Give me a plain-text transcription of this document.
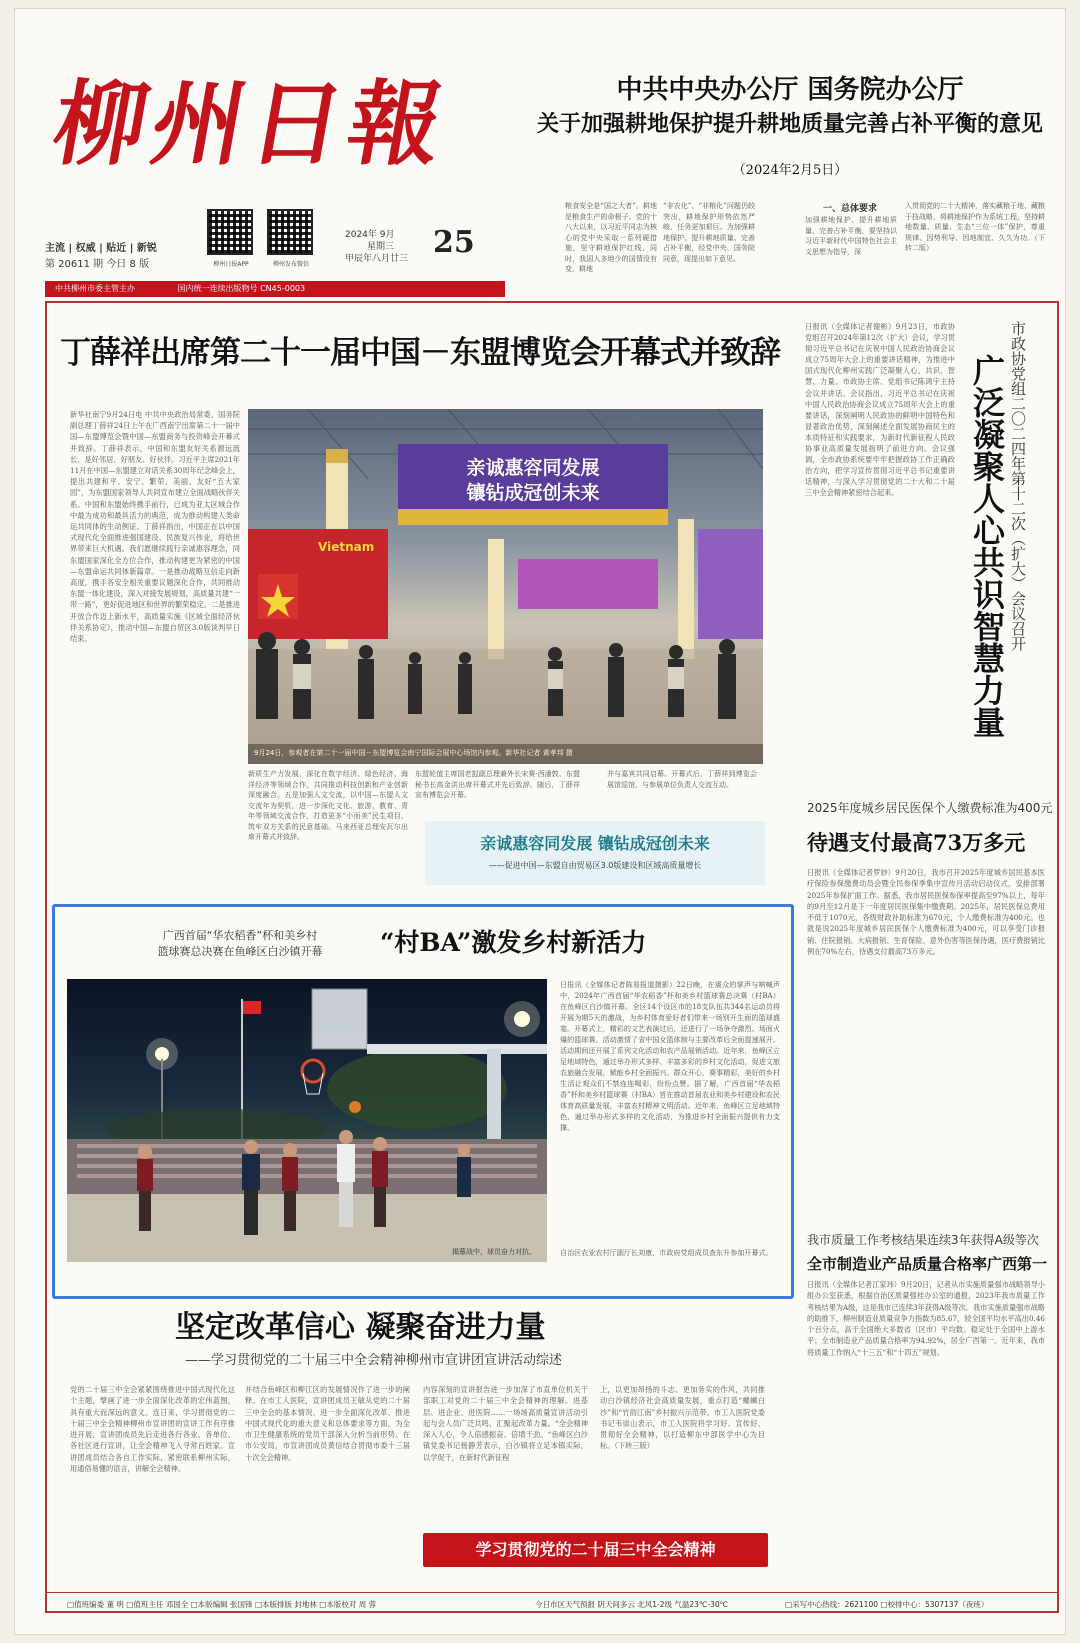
柳州日報
主流 | 权威 | 贴近 | 新锐
第 20611 期 今日 8 版	柳州日报APP	柳州发布微信
2024年 9月
星期三
甲辰年八月廿三 25
中共柳州市委主管主办	国内统一连续出版物号 CN45-0003
中共中央办公厅 国务院办公厅
关于加强耕地保护提升耕地质量完善占补平衡的意见
（2024年2月5日）
粮食安全是“国之大者”，耕地是粮食生产的命根子。党的十八大以来，以习近平同志为核心的党中央采取一系列硬措施，坚守耕地保护红线，同时，我国人多地少的国情没有变，耕地
“非农化”、“非粮化”问题仍较突出，耕地保护形势依然严峻、任务更加艰巨。为加强耕地保护、提升耕地质量、完善占补平衡，经党中央、国务院同意，现提出如下意见。
一、总体要求
加强耕地保护、提升耕地质量、完善占补平衡，要坚持以习近平新时代中国特色社会主义思想为指导，深
入贯彻党的二十大精神，落实藏粮于地、藏粮于技战略，将耕地保护作为系统工程，坚持耕地数量、质量、生态“三位一体”保护，尊重规律、因势利导、因地制宜、久久为功。（下转二版）
丁薛祥出席第二十一届中国－东盟博览会开幕式并致辞
新华社南宁9月24日电 中共中央政治局常委、国务院副总理丁薛祥24日上午在广西南宁出席第二十一届中国—东盟博览会暨中国—东盟商务与投资峰会开幕式并致辞。丁薛祥表示，中国和东盟友好关系源远流长，是好邻居、好朋友、好伙伴。习近平主席2021年11月在中国—东盟建立对话关系30周年纪念峰会上，提出共建和平、安宁、繁荣、美丽、友好“五大家园”，为东盟国家领导人共同宣布建立全面战略伙伴关系。中国和东盟始终携手前行，已成为亚太区域合作中最为成功和最具活力的典范，成为推动构建人类命运共同体的生动例证。丁薛祥指出，中国正在以中国式现代化全面推进强国建设、民族复兴伟业，将给世界带来巨大机遇。我们愿继续践行亲诚惠容理念，同东盟国家深化全方位合作，推动构建更为紧密的中国—东盟命运共同体新篇章。一是推动战略互信走向新高度，携手各安全相关重要议题深化合作，共同推动东盟一体化建设，深入对接发展规划，高质量共建“一带一路”，更好促进地区和世界的繁荣稳定。二是推进开放合作迈上新水平，高质量实施《区域全面经济伙伴关系协定》，推动中国—东盟自贸区3.0版谈判早日结束。
亲诚惠容同发展
镶钻成冠创未来
Vietnam
9月24日，参观者在第二十一届中国－东盟博览会南宁国际会展中心场馆内参观。新华社记者 黄孝邦 摄
新质生产力发展，深化在数字经济、绿色经济、海洋经济等领域合作，共同推动科技创新和产业创新深度融合。五是加强人文交流，以中国—东盟人文交流年为契机，进一步深化文化、旅游、教育、青年等领域交流合作，打造更多“小而美”民生项目，筑牢双方关系的民意基础。马来西亚总理安瓦尔出席开幕式并致辞。
东盟轮值主席国老挝副总理兼外长宋赛·西潘敦、东盟秘书长高金洪出席开幕式并先后致辞。随后，丁薛祥宣布博览会开幕。
并与嘉宾共同启幕。开幕式后，丁薛祥到博览会展馆巡馆，与参展单位负责人交流互动。
亲诚惠容同发展 镶钻成冠创未来
——促进中国—东盟自由贸易区3.0版建设和区域高质量增长
日报讯（全媒体记者谢彬）9月23日，市政协党组召开2024年第12次（扩大）会议，学习贯彻习近平总书记在庆祝中国人民政治协商会议成立75周年大会上的重要讲话精神，为推进中国式现代化柳州实践广泛凝聚人心、共识、智慧、力量。市政协主席、党组书记陈鸿宇主持会议并讲话。会议指出，习近平总书记在庆祝中国人民政治协商会议成立75周年大会上的重要讲话，深刻阐明人民政协的鲜明中国特色和显著政治优势，深刻阐述全面发展协商民主的本质特征和实践要求，为新时代新征程人民政协事业高质量发展指明了前进方向。会议强调，全市政协系统要牢牢把握政协工作正确政治方向，把学习宣传贯彻习近平总书记重要讲话精神，与深入学习贯彻党的二十大和二十届三中全会精神紧密结合起来。	市政协党组二〇二四年第十二次（扩大）会议召开
广泛凝聚人心共识智慧力量
2025年度城乡居民医保个人缴费标准为400元
待遇支付最高73万多元
日报讯（全媒体记者罗妙）9月20日，我市召开2025年度城乡居民基本医疗保险参保缴费动员会暨全民参保季集中宣传月活动启动仪式，安排部署2025年参保扩面工作。据悉，我市居民医保参保率提高至97%以上，每年的9月至12月是下一年度居民医保集中缴费期。2025年，居民医保总费用不低于1070元，各级财政补助标准为670元，个人缴费标准为400元。也就是说2025年度城乡居民医保个人缴费标准为400元，可以享受门诊报销、住院报销、大病报销、生育保险、意外伤害等医保待遇，医疗费报销比例在70%左右，待遇支付最高73万多元。
我市质量工作考核结果连续3年获得A级等次
全市制造业产品质量合格率广西第一
日报讯（全媒体记者江家玮）9月20日，记者从市实施质量强市战略领导小组办公室获悉，根据自治区质量强桂办公室的通报，2023年我市质量工作考核结果为A级，这是我市已连续3年获得A级等次。我市实施质量强市战略的助推下，柳州制造业质量竞争力指数为85.67，较全国平均水平高出0.46个百分点，高于全国绝大多数省（区市）平均数。稳定处于全国中上游水平；全市制造业产品质量合格率为94.92%，居全广西第一。近年来，我市将质量工作纳入“十三五”和“十四五”规划。
广西首届“华农稻香”杯和美乡村
篮球赛总决赛在鱼峰区白沙镇开幕	“村BA”激发乡村新活力
揭幕战中，球员奋力对抗。
日报讯（全媒体记者陈易报道摄影）22日晚，在震众的掌声与呐喊声中，2024年广西首届“华农稻香”杯和美乡村篮球赛总决赛（村BA）在鱼峰区白沙镇开幕。全区14个设区市的18支队伍共344名运动员将开展为期5天的激战，为乡村体育爱好者们带来一场别开生面的篮球盛宴。开幕式上，精彩的文艺表演过后，还进行了一场争夺激烈、场面火爆的篮球赛。活动激情了省中国女篮体制与主要改革后全面提速展开。活动期间还开展了系列文化活动和农产品展销活动。近年来，鱼峰区立足地域特色，通过举办形式多样、丰富多彩的乡村文化活动，促进文旅农旅融合发展，赋能乡村全面振兴。群众开心，赛事精彩，美好的乡村生活让观众们不禁连连喝彩，纷纷点赞。据了解，广西首届“华农稻香”杯和美乡村篮球赛（村BA）旨在推动首届农业和美乡村建设和农民体育高质量发展，丰富农村精神文明活动。近年来，鱼峰区立足地域特色，通过举办形式多样的文化活动，为推进乡村全面振兴提供有力支撑。
自治区农业农村厅副厅长刘康，市政府党组成员查东升参加开幕式。
坚定改革信心 凝聚奋进力量
——学习贯彻党的二十届三中全会精神柳州市宣讲团宣讲活动综述
党的二十届三中全会紧紧围绕推进中国式现代化这个主题，擘画了进一步全面深化改革的宏伟蓝图，具有重大而深远的意义。连日来，学习贯彻党的二十届三中全会精神柳州市宣讲团的宣讲工作有序推进开展，宣讲团成员先后走进各行各业、各单位、各社区进行宣讲，让全会精神飞入寻常百姓家。宣讲团成员结合各自工作实际，紧密联系柳州实际，用通俗易懂的语言，讲解全会精神。
并结合鱼峰区和柳江区的发展情况作了进一步的阐释。在市工人医院，宣讲团成员王敏从党的二十届三中全会的基本情况、进一步全面深化改革、推进中国式现代化的重大意义和总体要求等方面，为全市卫生健康系统的党员干部深入分析当前形势。在市公安局，市宣讲团成员黄信结合贯彻市委十三届十次全会精神。
内容深刻的宣讲报告进一步加深了市直单位机关干部职工对党的二十届三中全会精神的理解。进基层、进企业、进医院……一场场高质量宣讲活动引起与会人员广泛共鸣，汇聚起改革力量。“全会精神深入人心，令人倍感振奋、倍增干劲。“鱼峰区白沙镇党委书记杨静芳表示，白沙镇将立足本镇实际，以学促干，在新时代新征程
上，以更加昂扬的斗志、更加务实的作风，共同推动白沙镇经济社会高质量发展，重点打造“螺蛳白沙”和“竹韵江南”乡村振兴示范带。市工人医院党委书记韦崇山表示，市工人医院将学习好、宣传好、贯彻好全会精神，以打造柳东中部医学中心为目标。（下转三版）
学习贯彻党的二十届三中全会精神
□值班编委 董 明 □值班主任 邓国全 □本版编辑 张国锋 □本版排版 封地林 □本版校对 周 蓉	今日市区天气预报 阴天间多云 北风1-2级 气温23℃-30℃	□采写中心热线：2621100 □校排中心：5307137（夜班）
